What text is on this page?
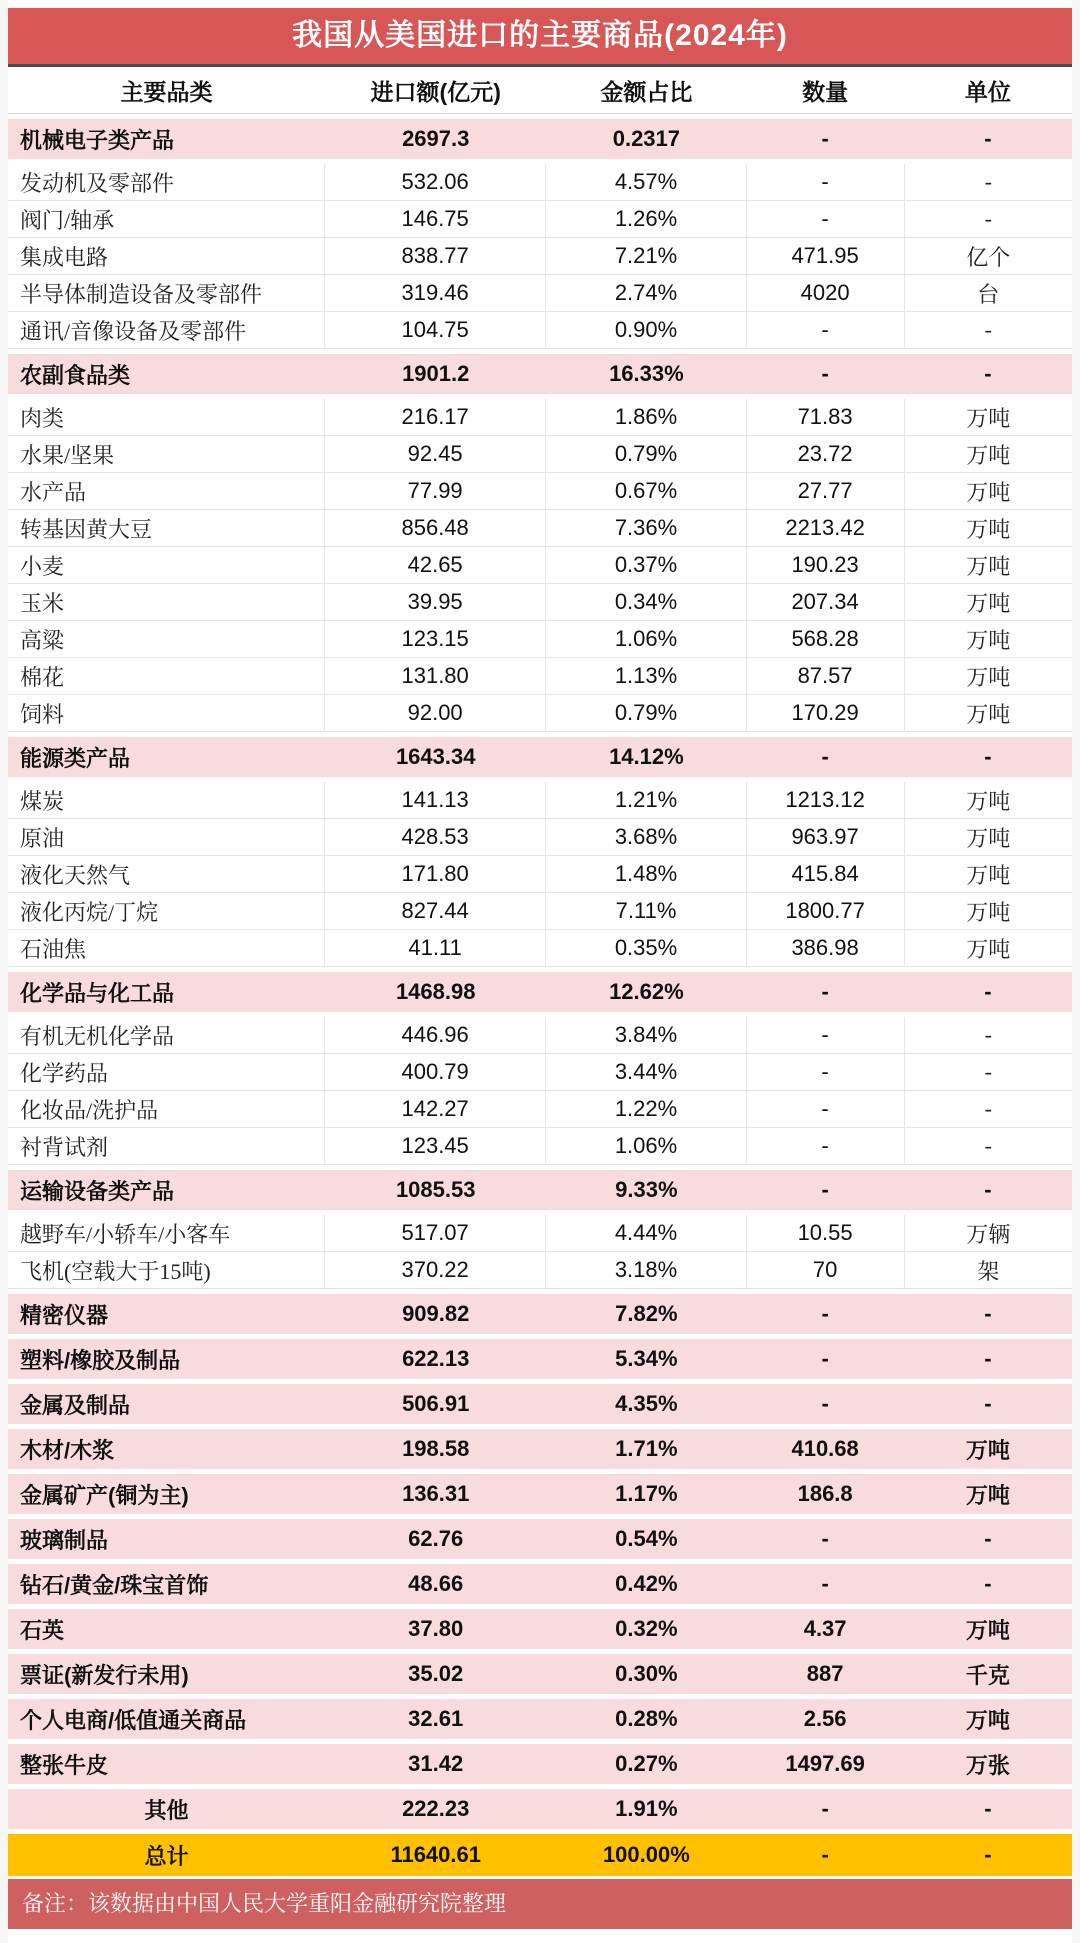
我国从美国进口的主要商品(2024年)
主要品类	进口额(亿元)	金额占比	数量	单位
机械电子类产品	2697.3	0.2317	-	-
发动机及零部件	532.06	4.57%	-	-
阀门/轴承	146.75	1.26%	-	-
集成电路	838.77	7.21%	471.95	亿个
半导体制造设备及零部件	319.46	2.74%	4020	台
通讯/音像设备及零部件	104.75	0.90%	-	-
农副食品类	1901.2	16.33%	-	-
肉类	216.17	1.86%	71.83	万吨
水果/坚果	92.45	0.79%	23.72	万吨
水产品	77.99	0.67%	27.77	万吨
转基因黄大豆	856.48	7.36%	2213.42	万吨
小麦	42.65	0.37%	190.23	万吨
玉米	39.95	0.34%	207.34	万吨
高粱	123.15	1.06%	568.28	万吨
棉花	131.80	1.13%	87.57	万吨
饲料	92.00	0.79%	170.29	万吨
能源类产品	1643.34	14.12%	-	-
煤炭	141.13	1.21%	1213.12	万吨
原油	428.53	3.68%	963.97	万吨
液化天然气	171.80	1.48%	415.84	万吨
液化丙烷/丁烷	827.44	7.11%	1800.77	万吨
石油焦	41.11	0.35%	386.98	万吨
化学品与化工品	1468.98	12.62%	-	-
有机无机化学品	446.96	3.84%	-	-
化学药品	400.79	3.44%	-	-
化妆品/洗护品	142.27	1.22%	-	-
衬背试剂	123.45	1.06%	-	-
运输设备类产品	1085.53	9.33%	-	-
越野车/小轿车/小客车	517.07	4.44%	10.55	万辆
飞机(空载大于15吨)	370.22	3.18%	70	架
精密仪器	909.82	7.82%	-	-
塑料/橡胶及制品	622.13	5.34%	-	-
金属及制品	506.91	4.35%	-	-
木材/木浆	198.58	1.71%	410.68	万吨
金属矿产(铜为主)	136.31	1.17%	186.8	万吨
玻璃制品	62.76	0.54%	-	-
钻石/黄金/珠宝首饰	48.66	0.42%	-	-
石英	37.80	0.32%	4.37	万吨
票证(新发行未用)	35.02	0.30%	887	千克
个人电商/低值通关商品	32.61	0.28%	2.56	万吨
整张牛皮	31.42	0.27%	1497.69	万张
其他	222.23	1.91%	-	-
总计	11640.61	100.00%	-	-
备注：该数据由中国人民大学重阳金融研究院整理
